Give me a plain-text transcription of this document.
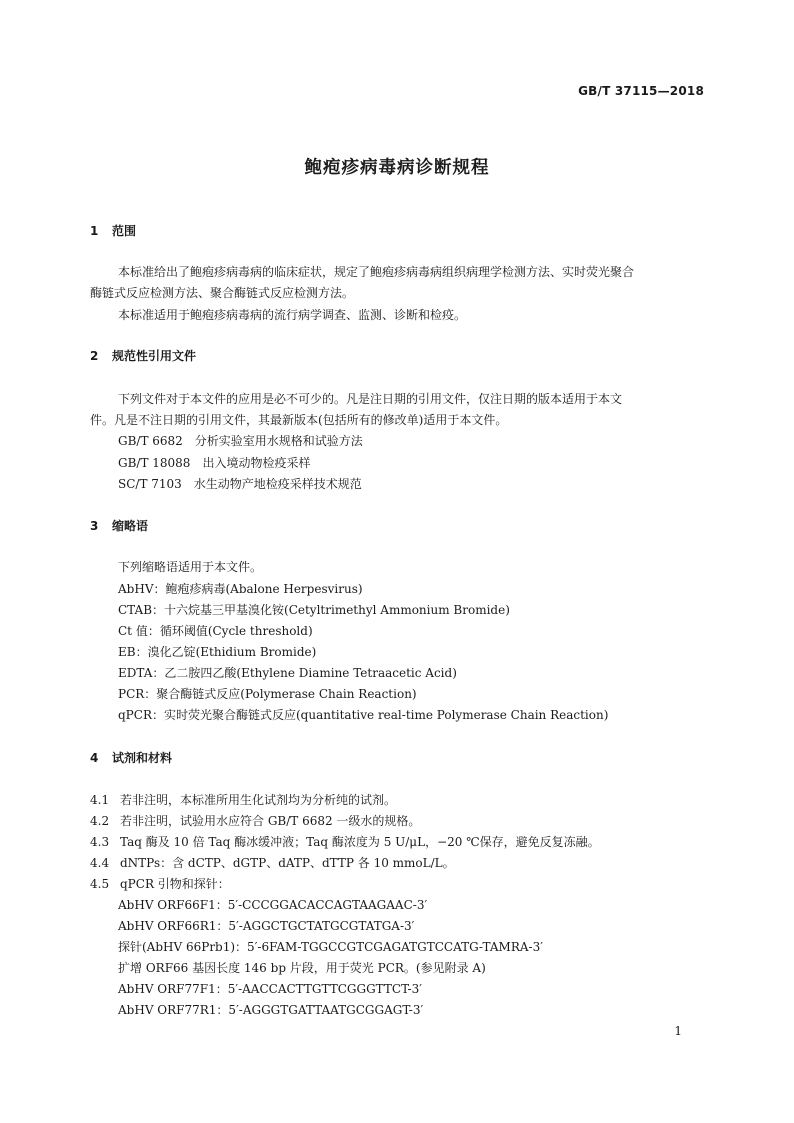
GB/T 37115—2018
鲍疱疹病毒病诊断规程
1 范围
本标准给出了鲍疱疹病毒病的临床症状，规定了鲍疱疹病毒病组织病理学检测方法、实时荧光聚合
酶链式反应检测方法、聚合酶链式反应检测方法。
本标准适用于鲍疱疹病毒病的流行病学调查、监测、诊断和检疫。
2 规范性引用文件
下列文件对于本文件的应用是必不可少的。凡是注日期的引用文件，仅注日期的版本适用于本文
件。凡是不注日期的引用文件，其最新版本(包括所有的修改单)适用于本文件。
GB/T 6682　分析实验室用水规格和试验方法
GB/T 18088　出入境动物检疫采样
SC/T 7103　水生动物产地检疫采样技术规范
3 缩略语
下列缩略语适用于本文件。
AbHV：鲍疱疹病毒(Abalone Herpesvirus)
CTAB：十六烷基三甲基溴化铵(Cetyltrimethyl Ammonium Bromide)
Ct 值：循环阈值(Cycle threshold)
EB：溴化乙锭(Ethidium Bromide)
EDTA：乙二胺四乙酸(Ethylene Diamine Tetraacetic Acid)
PCR：聚合酶链式反应(Polymerase Chain Reaction)
qPCR：实时荧光聚合酶链式反应(quantitative real-time Polymerase Chain Reaction)
4 试剂和材料
4.1 若非注明，本标准所用生化试剂均为分析纯的试剂。
4.2 若非注明，试验用水应符合 GB/T 6682 一级水的规格。
4.3 Taq 酶及 10 倍 Taq 酶冰缓冲液；Taq 酶浓度为 5 U/μL，−20 ℃保存，避免反复冻融。
4.4 dNTPs：含 dCTP、dGTP、dATP、dTTP 各 10 mmoL/L。
4.5 qPCR 引物和探针：
AbHV ORF66F1：5′-CCCGGACACCAGTAAGAAC-3′
AbHV ORF66R1：5′-AGGCTGCTATGCGTATGA-3′
探针(AbHV 66Prb1)：5′-6FAM-TGGCCGTCGAGATGTCCATG-TAMRA-3′
扩增 ORF66 基因长度 146 bp 片段，用于荧光 PCR。(参见附录 A)
AbHV ORF77F1：5′-AACCACTTGTTCGGGTTCT-3′
AbHV ORF77R1：5′-AGGGTGATTAATGCGGAGT-3′
1
